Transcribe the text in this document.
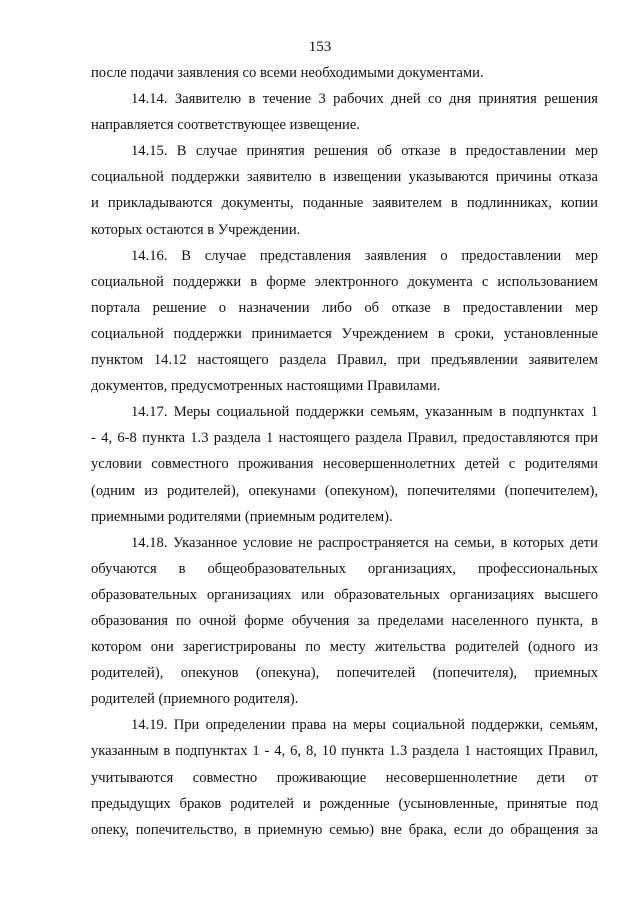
153
после подачи заявления со всеми необходимыми документами.
14.14. Заявителю в течение 3 рабочих дней со дня принятия решения
направляется соответствующее извещение.
14.15. В случае принятия решения об отказе в предоставлении мер
социальной поддержки заявителю в извещении указываются причины отказа
и прикладываются документы, поданные заявителем в подлинниках, копии
которых остаются в Учреждении.
14.16. В случае представления заявления о предоставлении мер
социальной поддержки в форме электронного документа с использованием
портала решение о назначении либо об отказе в предоставлении мер
социальной поддержки принимается Учреждением в сроки, установленные
пунктом 14.12 настоящего раздела Правил, при предъявлении заявителем
документов, предусмотренных настоящими Правилами.
14.17. Меры социальной поддержки семьям, указанным в подпунктах 1
- 4, 6-8 пункта 1.3 раздела 1 настоящего раздела Правил, предоставляются при
условии совместного проживания несовершеннолетних детей с родителями
(одним из родителей), опекунами (опекуном), попечителями (попечителем),
приемными родителями (приемным родителем).
14.18. Указанное условие не распространяется на семьи, в которых дети
обучаются в общеобразовательных организациях, профессиональных
образовательных организациях или образовательных организациях высшего
образования по очной форме обучения за пределами населенного пункта, в
котором они зарегистрированы по месту жительства родителей (одного из
родителей), опекунов (опекуна), попечителей (попечителя), приемных
родителей (приемного родителя).
14.19. При определении права на меры социальной поддержки, семьям,
указанным в подпунктах 1 - 4, 6, 8, 10 пункта 1.3 раздела 1 настоящих Правил,
учитываются совместно проживающие несовершеннолетние дети от
предыдущих браков родителей и рожденные (усыновленные, принятые под
опеку, попечительство, в приемную семью) вне брака, если до обращения за
